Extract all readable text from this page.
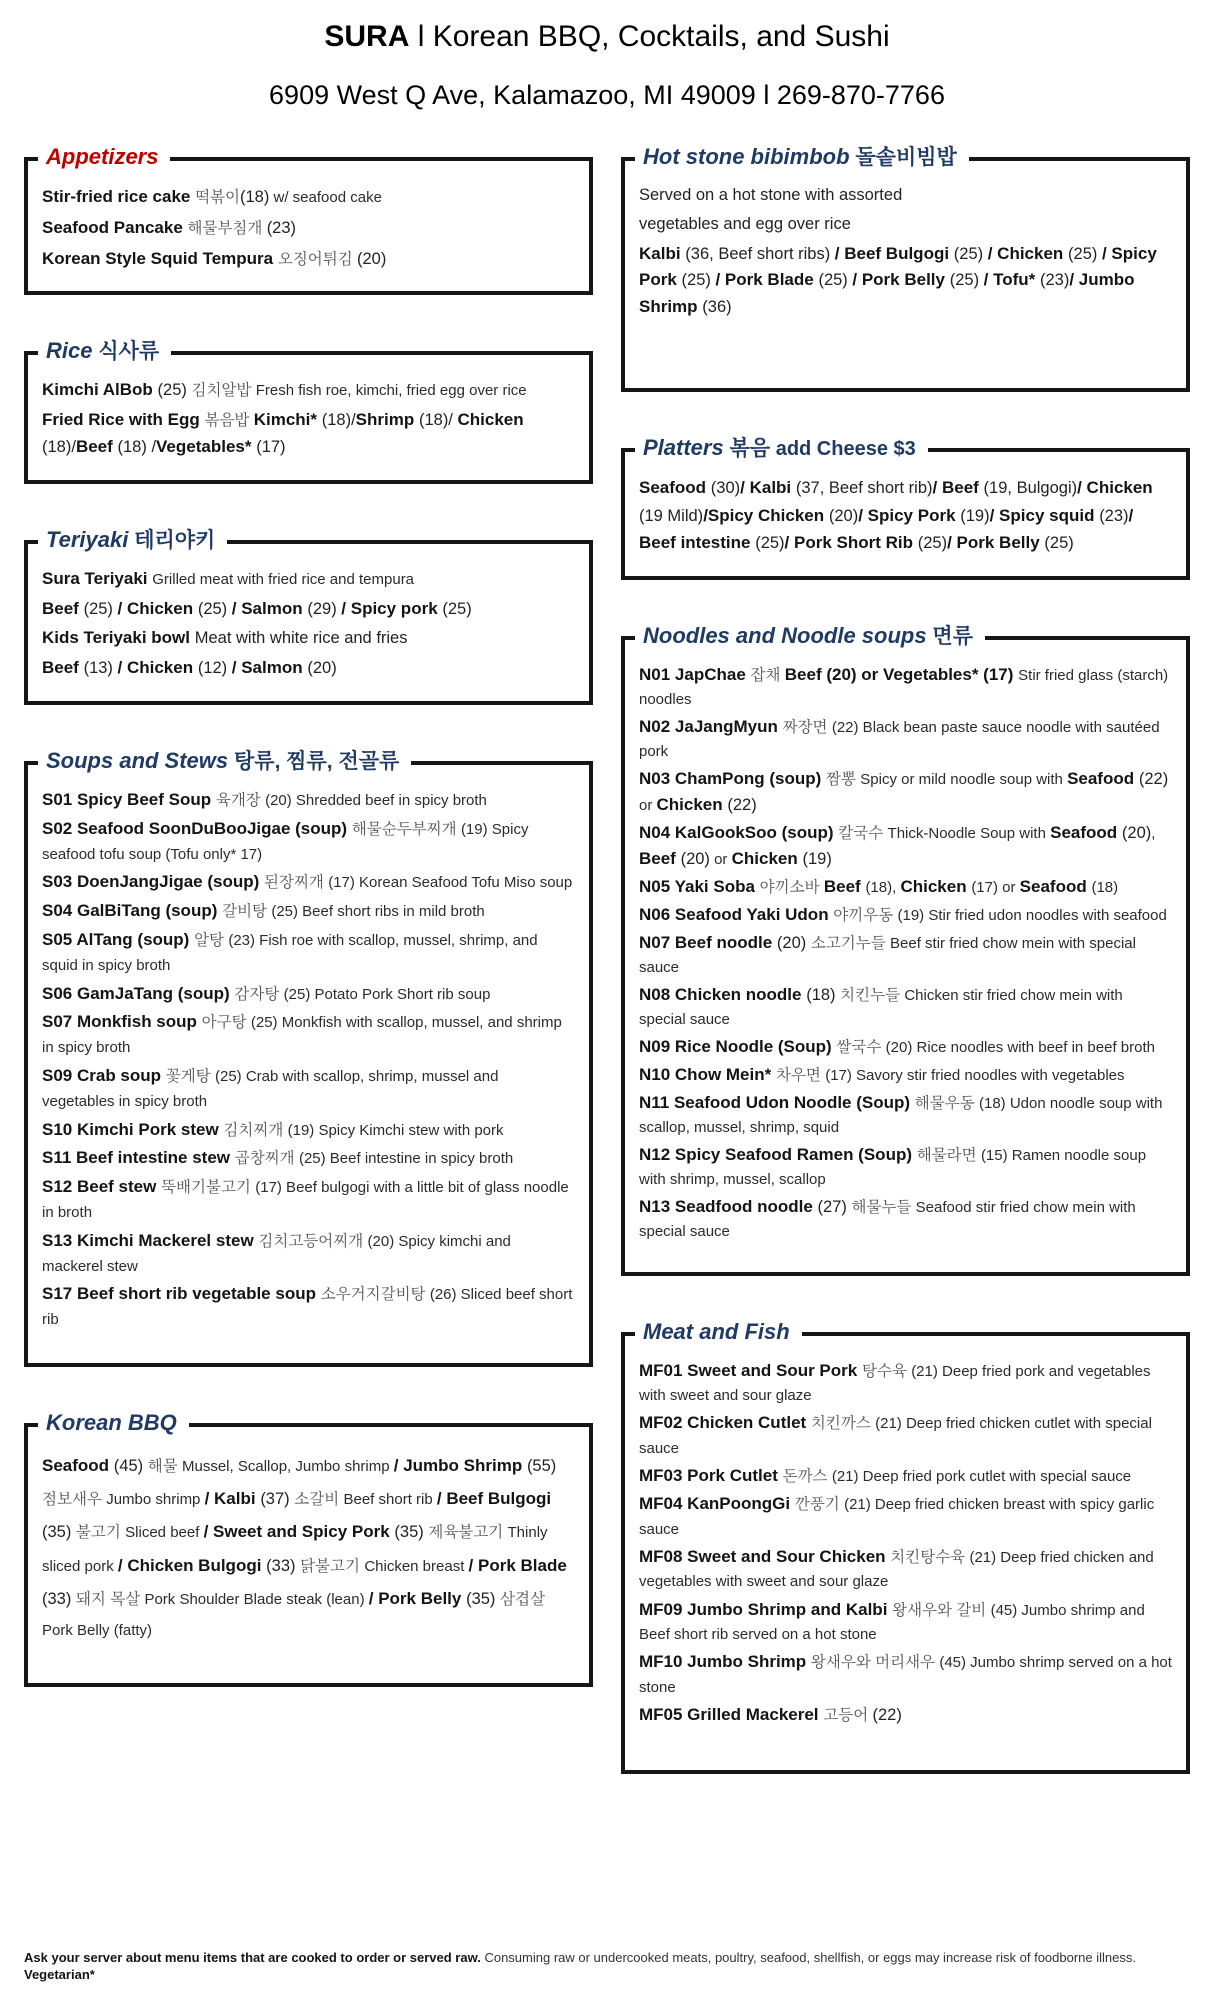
SURA l Korean BBQ, Cocktails, and Sushi
6909 West Q Ave, Kalamazoo, MI 49009 l 269-870-7766
Appetizers

Stir-fried rice cake 떡볶이(18) w/ seafood cake

Seafood Pancake 해물부침개 (23)

Korean Style Squid Tempura 오징어튀김 (20)

Rice 식사류

Kimchi AlBob (25) 김치알밥 Fresh fish roe, kimchi, fried egg over rice

Fried Rice with Egg 볶음밥 Kimchi* (18)/Shrimp (18)/ Chicken (18)/Beef (18) /Vegetables* (17)

Teriyaki 테리야키

Sura Teriyaki Grilled meat with fried rice and tempura

Beef (25) / Chicken (25) / Salmon (29) / Spicy pork (25)

Kids Teriyaki bowl Meat with white rice and fries

Beef (13) / Chicken (12) / Salmon (20)

Soups and Stews 탕류, 찜류, 전골류

S01 Spicy Beef Soup 육개장 (20) Shredded beef in spicy broth

S02 Seafood SoonDuBooJigae (soup) 해물순두부찌개 (19) Spicy seafood tofu soup (Tofu only* 17)

S03 DoenJangJigae (soup) 된장찌개 (17) Korean Seafood Tofu Miso soup

S04 GalBiTang (soup) 갈비탕 (25) Beef short ribs in mild broth

S05 AlTang (soup) 알탕 (23) Fish roe with scallop, mussel, shrimp, and squid in spicy broth

S06 GamJaTang (soup) 감자탕 (25) Potato Pork Short rib soup

S07 Monkfish soup 아구탕 (25) Monkfish with scallop, mussel, and shrimp in spicy broth

S09 Crab soup 꽃게탕 (25) Crab with scallop, shrimp, mussel and vegetables in spicy broth

S10 Kimchi Pork stew 김치찌개 (19) Spicy Kimchi stew with pork

S11 Beef intestine stew 곱창찌개 (25) Beef intestine in spicy broth

S12 Beef stew 뚝배기불고기 (17) Beef bulgogi with a little bit of glass noodle in broth

S13 Kimchi Mackerel stew 김치고등어찌개 (20) Spicy kimchi and mackerel stew

S17 Beef short rib vegetable soup 소우거지갈비탕 (26) Sliced beef short rib

Korean BBQ

Seafood (45) 해물 Mussel, Scallop, Jumbo shrimp / Jumbo Shrimp (55) 점보새우 Jumbo shrimp / Kalbi (37) 소갈비 Beef short rib / Beef Bulgogi (35) 불고기 Sliced beef / Sweet and Spicy Pork (35) 제육불고기 Thinly sliced pork / Chicken Bulgogi (33) 닭불고기 Chicken breast / Pork Blade (33) 돼지 목살 Pork Shoulder Blade steak (lean) / Pork Belly (35) 삼겹살 Pork Belly (fatty)

Hot stone bibimbob 돌솥비빔밥

Served on a hot stone with assorted

vegetables and egg over rice

Kalbi (36, Beef short ribs) / Beef Bulgogi (25) / Chicken (25) / Spicy Pork (25) / Pork Blade (25) / Pork Belly (25) / Tofu* (23)/ Jumbo Shrimp (36)

Platters 볶음 add Cheese $3

Seafood (30)/ Kalbi (37, Beef short rib)/ Beef (19, Bulgogi)/ Chicken (19 Mild)/Spicy Chicken (20)/ Spicy Pork (19)/ Spicy squid (23)/ Beef intestine (25)/ Pork Short Rib (25)/ Pork Belly (25)

Noodles and Noodle soups 면류

N01 JapChae 잡채 Beef (20) or Vegetables* (17) Stir fried glass (starch) noodles

N02 JaJangMyun 짜장면 (22) Black bean paste sauce noodle with sautéed pork

N03 ChamPong (soup) 짬뽕 Spicy or mild noodle soup with Seafood (22) or Chicken (22)

N04 KalGookSoo (soup) 칼국수 Thick-Noodle Soup with Seafood (20), Beef (20) or Chicken (19)

N05 Yaki Soba 야끼소바 Beef (18), Chicken (17) or Seafood (18)

N06 Seafood Yaki Udon 야끼우동 (19) Stir fried udon noodles with seafood

N07 Beef noodle (20) 소고기누들 Beef stir fried chow mein with special sauce

N08 Chicken noodle (18) 치킨누들 Chicken stir fried chow mein with special sauce

N09 Rice Noodle (Soup) 쌀국수 (20) Rice noodles with beef in beef broth

N10 Chow Mein* 차우면 (17) Savory stir fried noodles with vegetables

N11 Seafood Udon Noodle (Soup) 해물우동 (18) Udon noodle soup with scallop, mussel, shrimp, squid

N12 Spicy Seafood Ramen (Soup) 해물라면 (15) Ramen noodle soup with shrimp, mussel, scallop

N13 Seadfood noodle (27) 해물누들 Seafood stir fried chow mein with special sauce

Meat and Fish

MF01 Sweet and Sour Pork 탕수육 (21) Deep fried pork and vegetables with sweet and sour glaze

MF02 Chicken Cutlet 치킨까스 (21) Deep fried chicken cutlet with special sauce

MF03 Pork Cutlet 돈까스 (21) Deep fried pork cutlet with special sauce

MF04 KanPoongGi 깐풍기 (21) Deep fried chicken breast with spicy garlic sauce

MF08 Sweet and Sour Chicken 치킨탕수육 (21) Deep fried chicken and vegetables with sweet and sour glaze

MF09 Jumbo Shrimp and Kalbi 왕새우와 갈비 (45) Jumbo shrimp and Beef short rib served on a hot stone

MF10 Jumbo Shrimp 왕새우와 머리새우 (45) Jumbo shrimp served on a hot stone

MF05 Grilled Mackerel 고등어 (22)

Ask your server about menu items that are cooked to order or served raw. Consuming raw or undercooked meats, poultry, seafood, shellfish, or eggs may increase risk of foodborne illness. Vegetarian*
